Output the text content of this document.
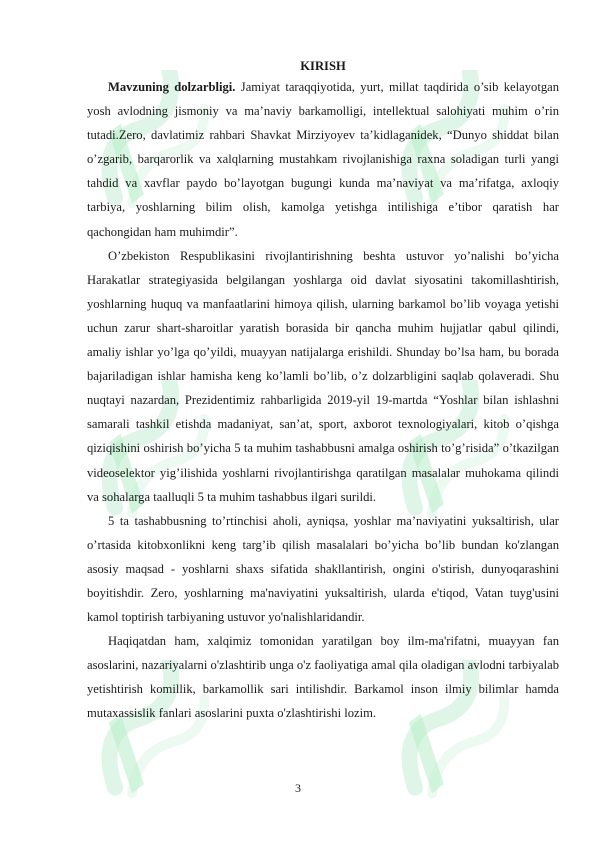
KIRISH

Mavzuning dolzarbligi. Jamiyat taraqqiyotida, yurt, millat taqdirida o’sib kelayotgan yosh avlodning jismoniy va ma’naviy barkamolligi, intellektual salohiyati muhim o’rin tutadi.Zero, davlatimiz rahbari Shavkat Mirziyoyev ta’kidlaganidek, “Dunyo shiddat bilan o’zgarib, barqarorlik va xalqlarning mustahkam rivojlanishiga raxna soladigan turli yangi tahdid va xavflar paydo bo’layotgan bugungi kunda ma’naviyat va ma’rifatga, axloqiy tarbiya, yoshlarning bilim olish, kamolga yetishga intilishiga e’tibor qaratish har qachongidan ham muhimdir”.

O’zbekiston Respublikasini rivojlantirishning beshta ustuvor yo’nalishi bo’yicha Harakatlar strategiyasida belgilangan yoshlarga oid davlat siyosatini takomillashtirish, yoshlarning huquq va manfaatlarini himoya qilish, ularning barkamol bo’lib voyaga yetishi uchun zarur shart-sharoitlar yaratish borasida bir qancha muhim hujjatlar qabul qilindi, amaliy ishlar yo’lga qo’yildi, muayyan natijalarga erishildi. Shunday bo’lsa ham, bu borada bajariladigan ishlar hamisha keng ko’lamli bo’lib, o’z dolzarbligini saqlab qolaveradi. Shu nuqtayi nazardan, Prezidentimiz rahbarligida 2019-yil 19-martda “Yoshlar bilan ishlashni samarali tashkil etishda madaniyat, san’at, sport, axborot texnologiyalari, kitob o’qishga qiziqishini oshirish bo’yicha 5 ta muhim tashabbusni amalga oshirish to’g’risida” o’tkazilgan videoselektor yig’ilishida yoshlarni rivojlantirishga qaratilgan masalalar muhokama qilindi va sohalarga taalluqli 5 ta muhim tashabbus ilgari surildi.

5 ta tashabbusning to’rtinchisi aholi, ayniqsa, yoshlar ma’naviyatini yuksaltirish, ular o’rtasida kitobxonlikni keng targ’ib qilish masalalari bo’yicha bo’lib bundan ko'zlangan asosiy maqsad - yoshlarni shaxs sifatida shakllantirish, ongini o'stirish, dunyoqarashini boyitishdir. Zero, yoshlarning ma'naviyatini yuksaltirish, ularda e'tiqod, Vatan tuyg'usini kamol toptirish tarbiyaning ustuvor yo'nalishlaridandir.

Haqiqatdan ham, xalqimiz tomonidan yaratilgan boy ilm-ma'rifatni, muayyan fan asoslarini, nazariyalarni o'zlashtirib unga o'z faoliyatiga amal qila oladigan avlodni tarbiyalab yetishtirish komillik, barkamollik sari intilishdir. Barkamol inson ilmiy bilimlar hamda mutaxassislik fanlari asoslarini puxta o'zlashtirishi lozim.

3
